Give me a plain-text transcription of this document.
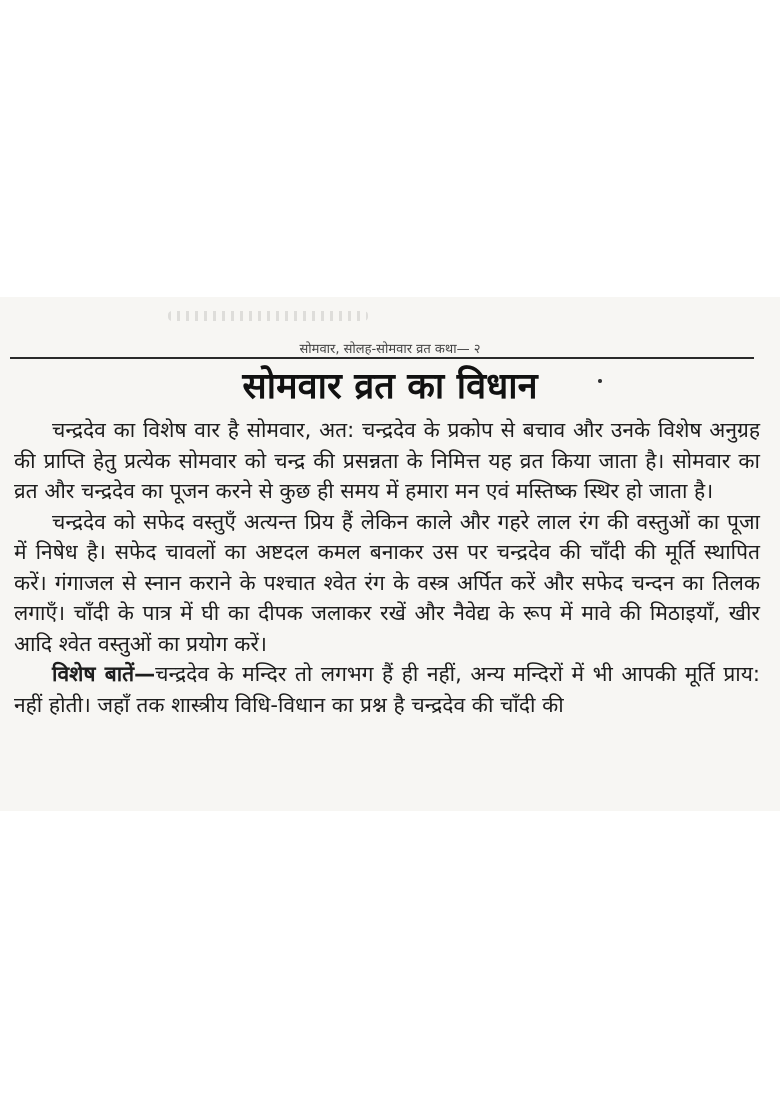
सोमवार, सोलह-सोमवार व्रत कथा— २
सोमवार व्रत का विधान

चन्द्रदेव का विशेष वार है सोमवार, अत: चन्द्रदेव के प्रकोप से बचाव और उनके विशेष अनुग्रह की प्राप्ति हेतु प्रत्येक सोमवार को चन्द्र की प्रसन्नता के निमित्त यह व्रत किया जाता है। सोमवार का व्रत और चन्द्रदेव का पूजन करने से कुछ ही समय में हमारा मन एवं मस्तिष्क स्थिर हो जाता है।

चन्द्रदेव को सफेद वस्तुएँ अत्यन्त प्रिय हैं लेकिन काले और गहरे लाल रंग की वस्तुओं का पूजा में निषेध है। सफेद चावलों का अष्टदल कमल बनाकर उस पर चन्द्रदेव की चाँदी की मूर्ति स्थापित करें। गंगाजल से स्नान कराने के पश्चात श्वेत रंग के वस्त्र अर्पित करें और सफेद चन्दन का तिलक लगाएँ। चाँदी के पात्र में घी का दीपक जलाकर रखें और नैवेद्य के रूप में मावे की मिठाइयाँ, खीर आदि श्वेत वस्तुओं का प्रयोग करें।

विशेष बातें—चन्द्रदेव के मन्दिर तो लगभग हैं ही नहीं, अन्य मन्दिरों में भी आपकी मूर्ति प्राय: नहीं होती। जहाँ तक शास्त्रीय विधि-विधान का प्रश्न है चन्द्रदेव की चाँदी की
